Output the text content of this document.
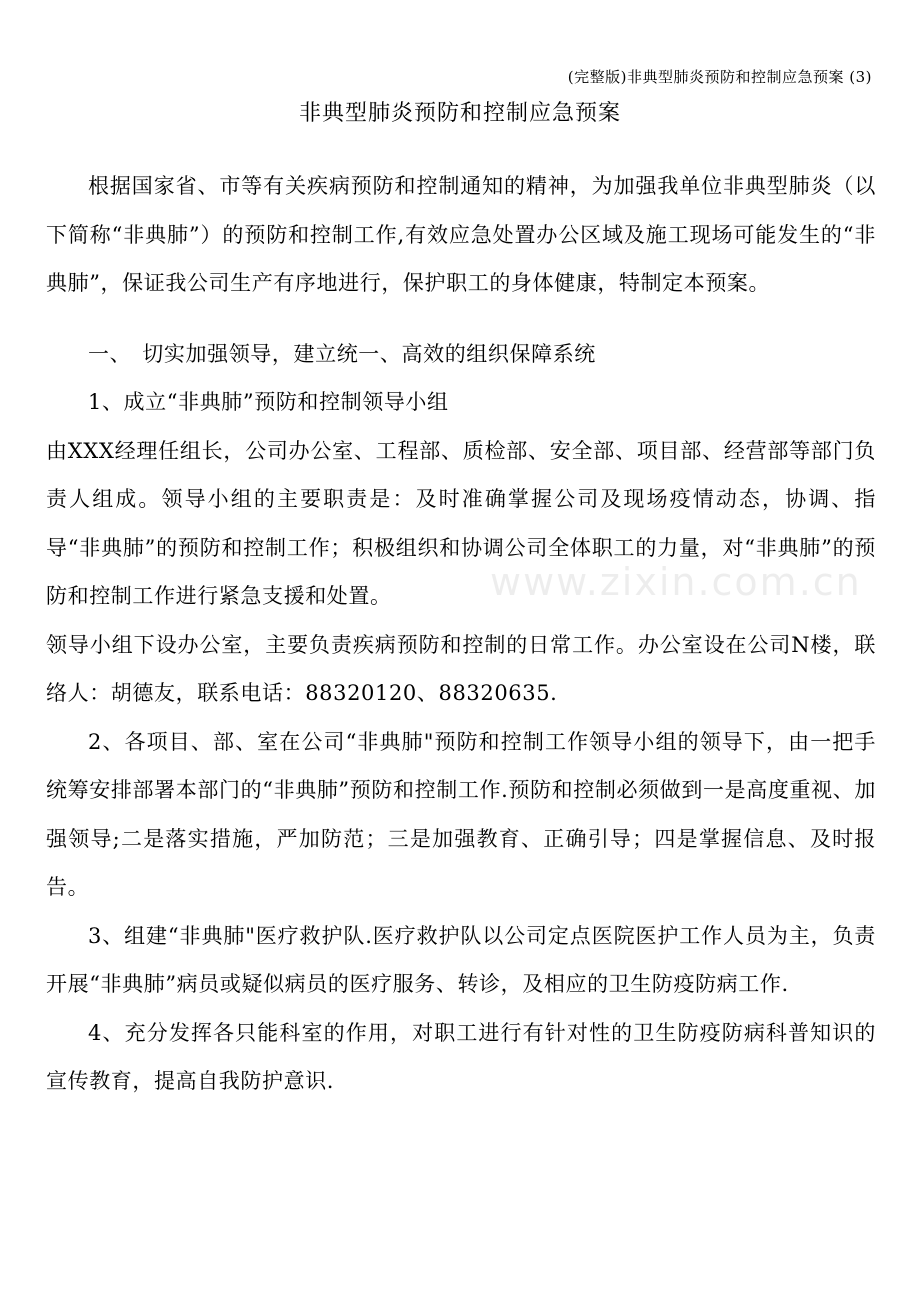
(完整版)非典型肺炎预防和控制应急预案 (3)
非典型肺炎预防和控制应急预案

根据国家省、市等有关疾病预防和控制通知的精神，为加强我单位非典型肺炎（以下简称“非典肺”）的预防和控制工作,有效应急处置办公区域及施工现场可能发生的“非典肺”，保证我公司生产有序地进行，保护职工的身体健康，特制定本预案。

一、　切实加强领导，建立统一、高效的组织保障系统

1、成立“非典肺”预防和控制领导小组

由XXX经理任组长，公司办公室、工程部、质检部、安全部、项目部、经营部等部门负责人组成。领导小组的主要职责是：及时准确掌握公司及现场疫情动态，协调、指导“非典肺”的预防和控制工作；积极组织和协调公司全体职工的力量，对“非典肺”的预防和控制工作进行紧急支援和处置。

领导小组下设办公室，主要负责疾病预防和控制的日常工作。办公室设在公司N楼，联络人：胡德友，联系电话：88320120、88320635.

2、各项目、部、室在公司“非典肺"预防和控制工作领导小组的领导下，由一把手统筹安排部署本部门的“非典肺”预防和控制工作.预防和控制必须做到一是高度重视、加强领导;二是落实措施，严加防范；三是加强教育、正确引导；四是掌握信息、及时报告。

3、组建“非典肺"医疗救护队.医疗救护队以公司定点医院医护工作人员为主，负责开展“非典肺”病员或疑似病员的医疗服务、转诊，及相应的卫生防疫防病工作.

4、充分发挥各只能科室的作用，对职工进行有针对性的卫生防疫防病科普知识的宣传教育，提高自我防护意识.

www.zixin.com.cn
